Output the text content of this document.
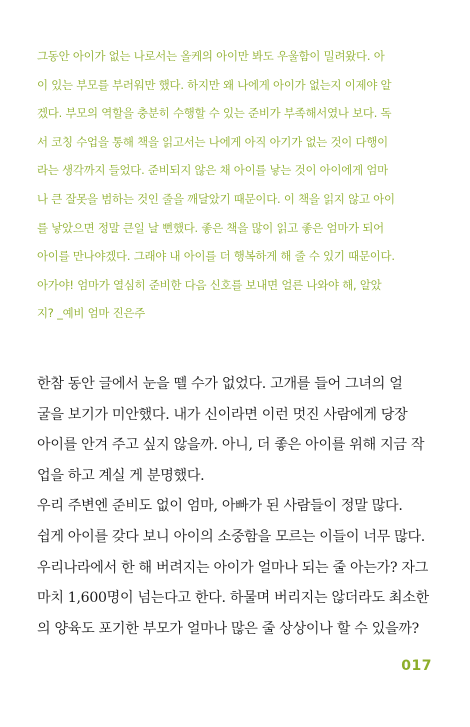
그동안 아이가 없는 나로서는 올케의 아이만 봐도 우울함이 밀려왔다. 아
이 있는 부모를 부러워만 했다. 하지만 왜 나에게 아이가 없는지 이제야 알
겠다. 부모의 역할을 충분히 수행할 수 있는 준비가 부족해서였나 보다. 독
서 코칭 수업을 통해 책을 읽고서는 나에게 아직 아기가 없는 것이 다행이
라는 생각까지 들었다. 준비되지 않은 채 아이를 낳는 것이 아이에게 엄마
나 큰 잘못을 범하는 것인 줄을 깨달았기 때문이다. 이 책을 읽지 않고 아이
를 낳았으면 정말 큰일 날 뻔했다. 좋은 책을 많이 읽고 좋은 엄마가 되어
아이를 만나야겠다. 그래야 내 아이를 더 행복하게 해 줄 수 있기 때문이다.
아가야! 엄마가 열심히 준비한 다음 신호를 보내면 얼른 나와야 해, 알았
지? _예비 엄마 진은주
한참 동안 글에서 눈을 뗄 수가 없었다. 고개를 들어 그녀의 얼
굴을 보기가 미안했다. 내가 신이라면 이런 멋진 사람에게 당장
아이를 안겨 주고 싶지 않을까. 아니, 더 좋은 아이를 위해 지금 작
업을 하고 계실 게 분명했다.
우리 주변엔 준비도 없이 엄마, 아빠가 된 사람들이 정말 많다.
쉽게 아이를 갖다 보니 아이의 소중함을 모르는 이들이 너무 많다.
우리나라에서 한 해 버려지는 아이가 얼마나 되는 줄 아는가? 자그
마치 1,600명이 넘는다고 한다. 하물며 버리지는 않더라도 최소한
의 양육도 포기한 부모가 얼마나 많은 줄 상상이나 할 수 있을까?
017
